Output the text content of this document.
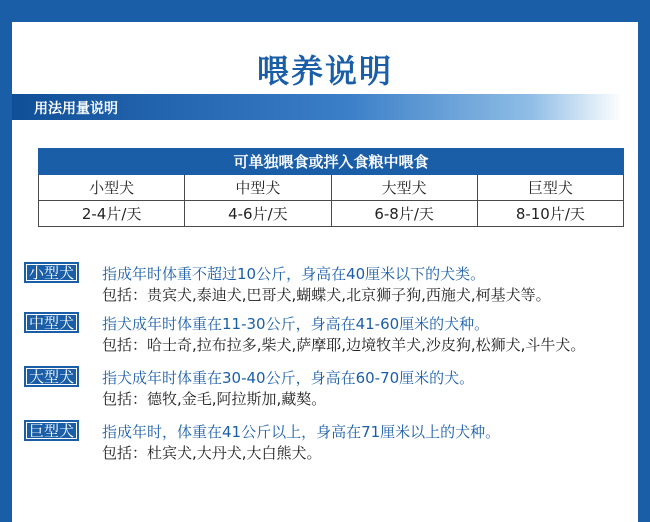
喂养说明
用法用量说明
可单独喂食或拌入食粮中喂食			
小型犬	中型犬	大型犬	巨型犬
2-4片/天	4-6片/天	6-8片/天	8-10片/天
小型犬	指成年时体重不超过10公斤，身高在40厘米以下的犬类。
包括：贵宾犬,泰迪犬,巴哥犬,蝴蝶犬,北京狮子狗,西施犬,柯基犬等。
中型犬	指犬成年时体重在11-30公斤，身高在41-60厘米的犬种。
包括：哈士奇,拉布拉多,柴犬,萨摩耶,边境牧羊犬,沙皮狗,松狮犬,斗牛犬。
大型犬	指犬成年时体重在30-40公斤，身高在60-70厘米的犬。
包括：德牧,金毛,阿拉斯加,藏獒。
巨型犬	指成年时，体重在41公斤以上，身高在71厘米以上的犬种。
包括：杜宾犬,大丹犬,大白熊犬。
